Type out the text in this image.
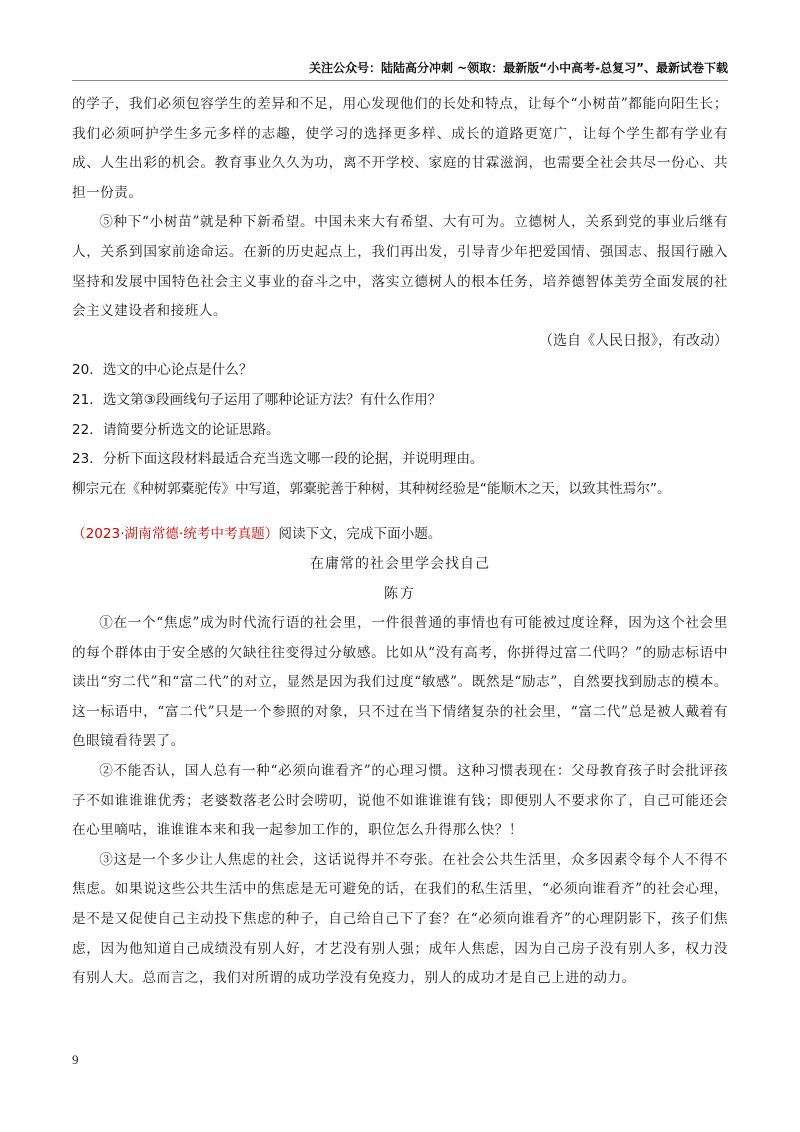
关注公众号：陆陆高分冲刺 ~领取：最新版“小中高考-总复习”、最新试卷下载

的学子，我们必须包容学生的差异和不足，用心发现他们的长处和特点，让每个“小树苗”都能向阳生长；我们必须呵护学生多元多样的志趣，使学习的选择更多样、成长的道路更宽广，让每个学生都有学业有成、人生出彩的机会。教育事业久久为功，离不开学校、家庭的甘霖滋润，也需要全社会共尽一份心、共担一份责。

⑤种下“小树苗”就是种下新希望。中国未来大有希望、大有可为。立德树人，关系到党的事业后继有人，关系到国家前途命运。在新的历史起点上，我们再出发，引导青少年把爱国情、强国志、报国行融入坚持和发展中国特色社会主义事业的奋斗之中，落实立德树人的根本任务，培养德智体美劳全面发展的社会主义建设者和接班人。

（选自《人民日报》，有改动）

20．选文的中心论点是什么？

21．选文第③段画线句子运用了哪种论证方法？有什么作用？

22．请简要分析选文的论证思路。

23．分析下面这段材料最适合充当选文哪一段的论据，并说明理由。

柳宗元在《种树郭橐驼传》中写道，郭橐驼善于种树，其种树经验是“能顺木之天，以致其性焉尔”。

（2023·湖南常德·统考中考真题）阅读下文，完成下面小题。

在庸常的社会里学会找自己

陈方

①在一个“焦虑”成为时代流行语的社会里，一件很普通的事情也有可能被过度诠释，因为这个社会里的每个群体由于安全感的欠缺往往变得过分敏感。比如从“没有高考，你拼得过富二代吗？”的励志标语中读出“穷二代”和“富二代”的对立，显然是因为我们过度“敏感”。既然是“励志”，自然要找到励志的模本。这一标语中，“富二代”只是一个参照的对象，只不过在当下情绪复杂的社会里，“富二代”总是被人戴着有色眼镜看待罢了。

②不能否认，国人总有一种“必须向谁看齐”的心理习惯。这种习惯表现在：父母教育孩子时会批评孩子不如谁谁谁优秀；老婆数落老公时会唠叨，说他不如谁谁谁有钱；即便别人不要求你了，自己可能还会在心里嘀咕，谁谁谁本来和我一起参加工作的，职位怎么升得那么快？！

③这是一个多少让人焦虑的社会，这话说得并不夸张。在社会公共生活里，众多因素令每个人不得不焦虑。如果说这些公共生活中的焦虑是无可避免的话，在我们的私生活里，“必须向谁看齐”的社会心理，是不是又促使自己主动投下焦虑的种子，自己给自己下了套？在“必须向谁看齐”的心理阴影下，孩子们焦虑，因为他知道自己成绩没有别人好，才艺没有别人强；成年人焦虑，因为自己房子没有别人多，权力没有别人大。总而言之，我们对所谓的成功学没有免疫力，别人的成功才是自己上进的动力。

9
